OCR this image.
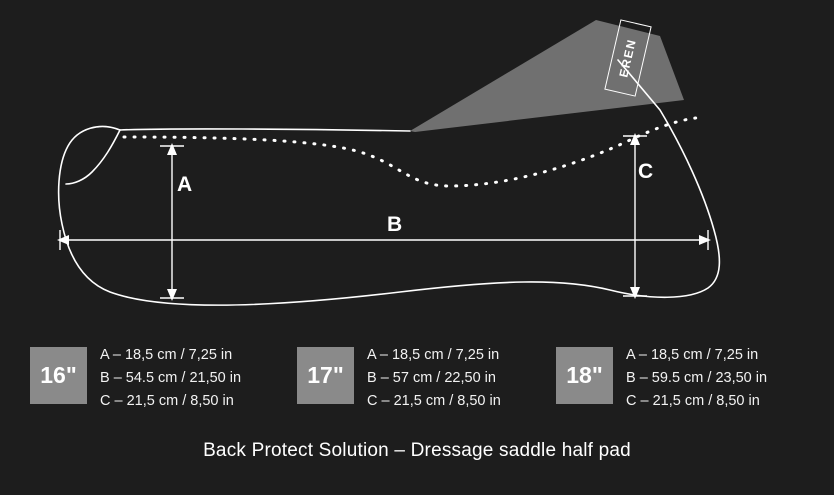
A
B
C
EREN
16"
A – 18,5 cm / 7,25 in
B – 54.5 cm / 21,50 in
C – 21,5 cm / 8,50 in
17"
A – 18,5 cm / 7,25 in
B – 57 cm / 22,50 in
C – 21,5 cm / 8,50 in
18"
A – 18,5 cm / 7,25 in
B – 59.5 cm / 23,50 in
C – 21,5 cm / 8,50 in
Back Protect Solution – Dressage saddle half pad
